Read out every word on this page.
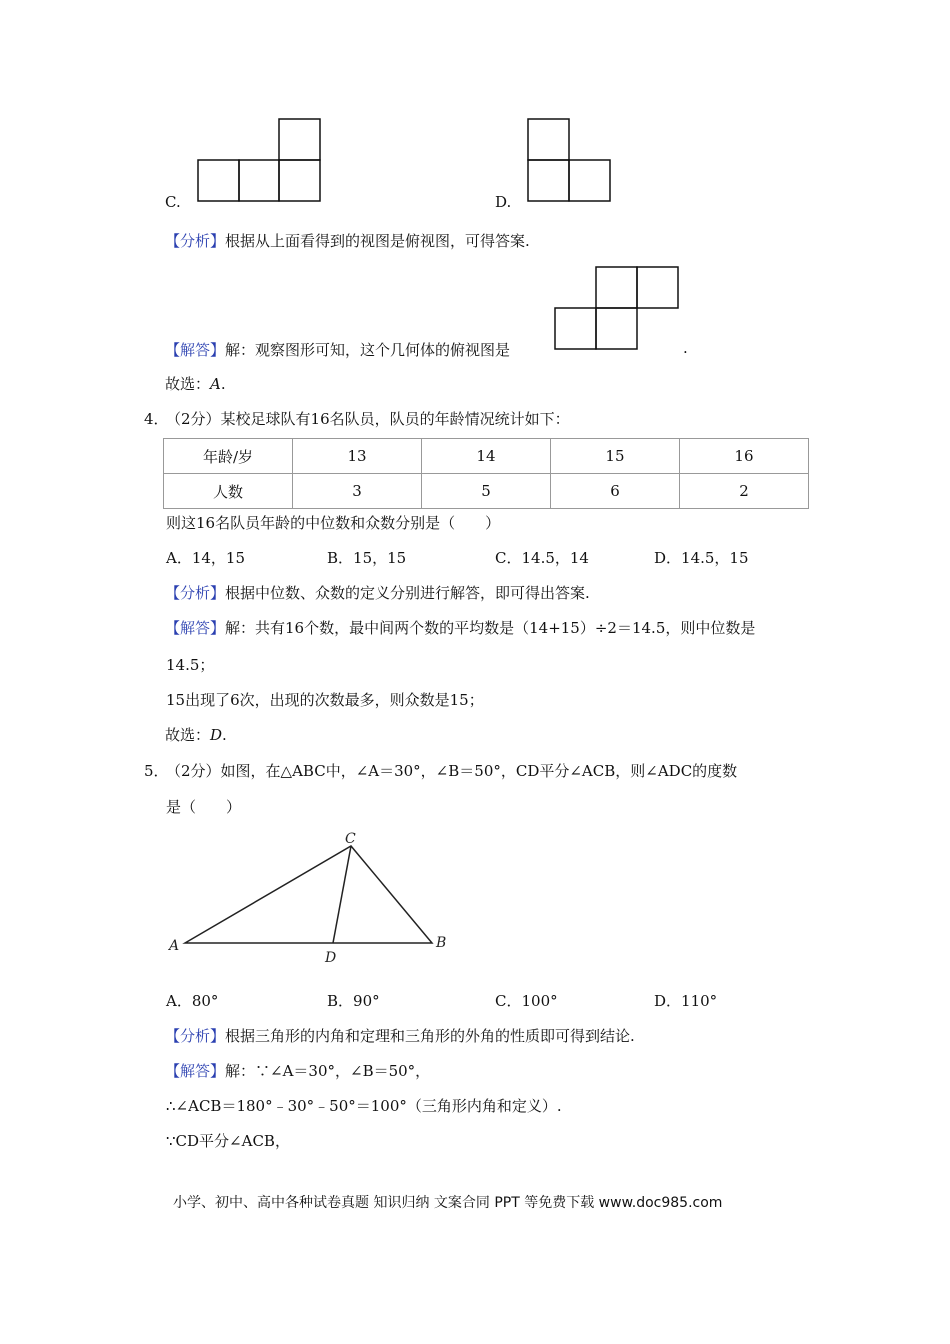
C.	D.
【分析】根据从上面看得到的视图是俯视图，可得答案.
【解答】解：观察图形可知，这个几何体的俯视图是	.
故选：A.
4．
（2分）某校足球队有16名队员，队员的年龄情况统计如下：
年龄/岁	13	14	15	16
人数	3	5	6	2
则这16名队员年龄的中位数和众数分别是（　　）
A．14，15	B．15，15	C．14.5，14	D．14.5，15
【分析】根据中位数、众数的定义分别进行解答，即可得出答案.
【解答】解：共有16个数，最中间两个数的平均数是（14+15）÷2＝14.5，则中位数是
14.5；
15出现了6次，出现的次数最多，则众数是15；
故选：D.
5．
（2分）如图，在△ABC中，∠A＝30°，∠B＝50°，CD平分∠ACB，则∠ADC的度数
是（　　）
A	B
C
D
A．80°	B．90°	C．100°	D．110°
【分析】根据三角形的内角和定理和三角形的外角的性质即可得到结论.
【解答】解：∵∠A＝30°，∠B＝50°，
∴∠ACB＝180°﹣30°﹣50°＝100°（三角形内角和定义）.
∵CD平分∠ACB，
小学、初中、高中各种试卷真题 知识归纳 文案合同 PPT 等免费下载 www.doc985.com
